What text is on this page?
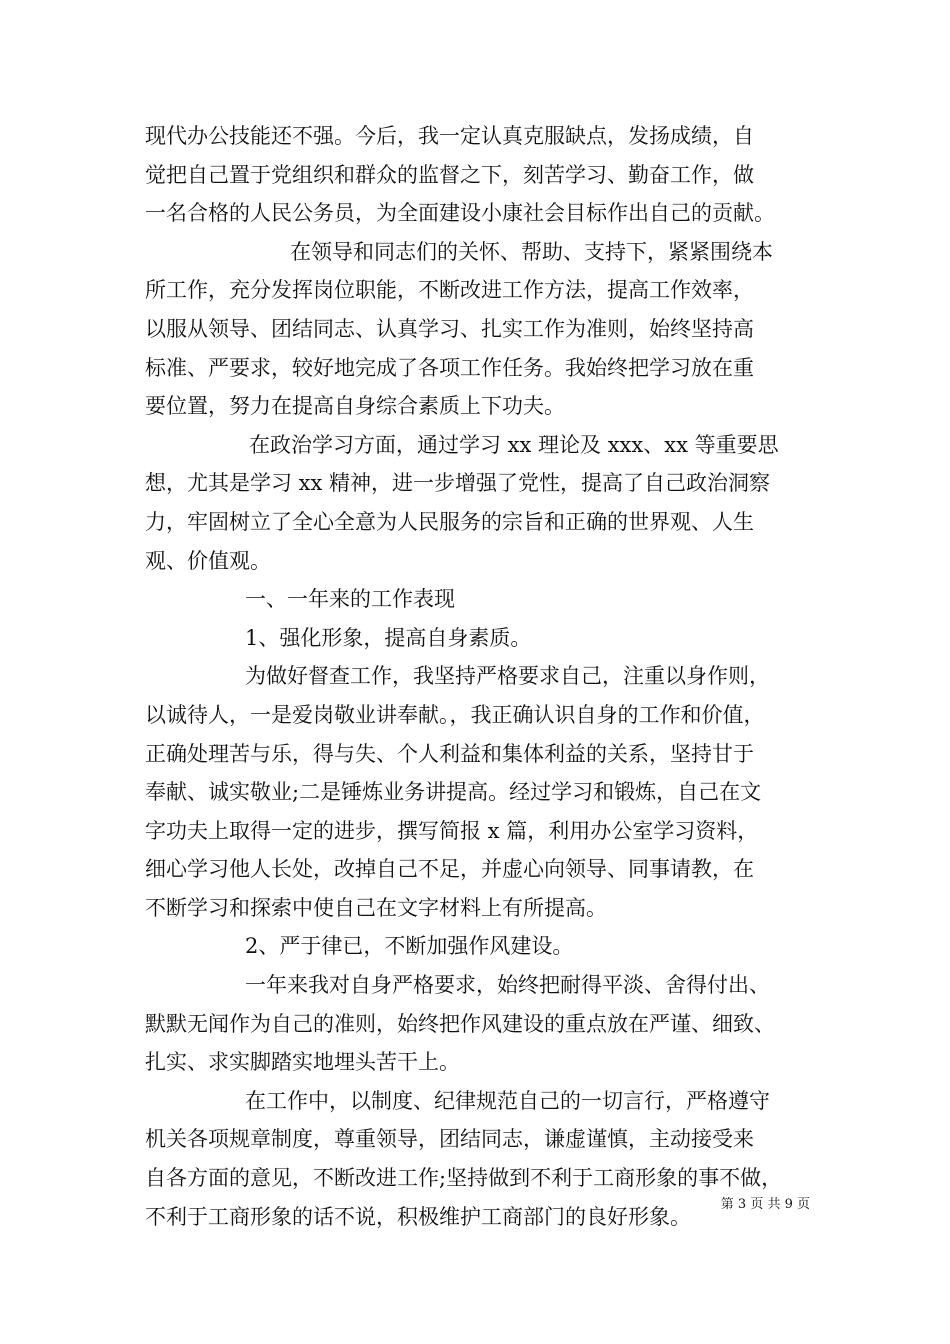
现代办公技能还不强。今后，我一定认真克服缺点，发扬成绩，自
觉把自己置于党组织和群众的监督之下，刻苦学习、勤奋工作，做
一名合格的人民公务员，为全面建设小康社会目标作出自己的贡献。
在领导和同志们的关怀、帮助、支持下，紧紧围绕本
所工作，充分发挥岗位职能，不断改进工作方法，提高工作效率，
以服从领导、团结同志、认真学习、扎实工作为准则，始终坚持高
标准、严要求，较好地完成了各项工作任务。我始终把学习放在重
要位置，努力在提高自身综合素质上下功夫。
在政治学习方面，通过学习 xx 理论及 xxx、xx 等重要思
想，尤其是学习 xx 精神，进一步增强了党性，提高了自己政治洞察
力，牢固树立了全心全意为人民服务的宗旨和正确的世界观、人生
观、价值观。
一、一年来的工作表现
1、强化形象，提高自身素质。
为做好督查工作，我坚持严格要求自己，注重以身作则，
以诚待人，一是爱岗敬业讲奉献。，我正确认识自身的工作和价值，
正确处理苦与乐，得与失、个人利益和集体利益的关系，坚持甘于
奉献、诚实敬业;二是锤炼业务讲提高。经过学习和锻炼，自己在文
字功夫上取得一定的进步，撰写简报 x 篇，利用办公室学习资料，
细心学习他人长处，改掉自己不足，并虚心向领导、同事请教，在
不断学习和探索中使自己在文字材料上有所提高。
2、严于律已，不断加强作风建设。
一年来我对自身严格要求，始终把耐得平淡、舍得付出、
默默无闻作为自己的准则，始终把作风建设的重点放在严谨、细致、
扎实、求实脚踏实地埋头苦干上。
在工作中，以制度、纪律规范自己的一切言行，严格遵守
机关各项规章制度，尊重领导，团结同志，谦虚谨慎，主动接受来
自各方面的意见，不断改进工作;坚持做到不利于工商形象的事不做，
不利于工商形象的话不说，积极维护工商部门的良好形象。
第 3 页 共 9 页
